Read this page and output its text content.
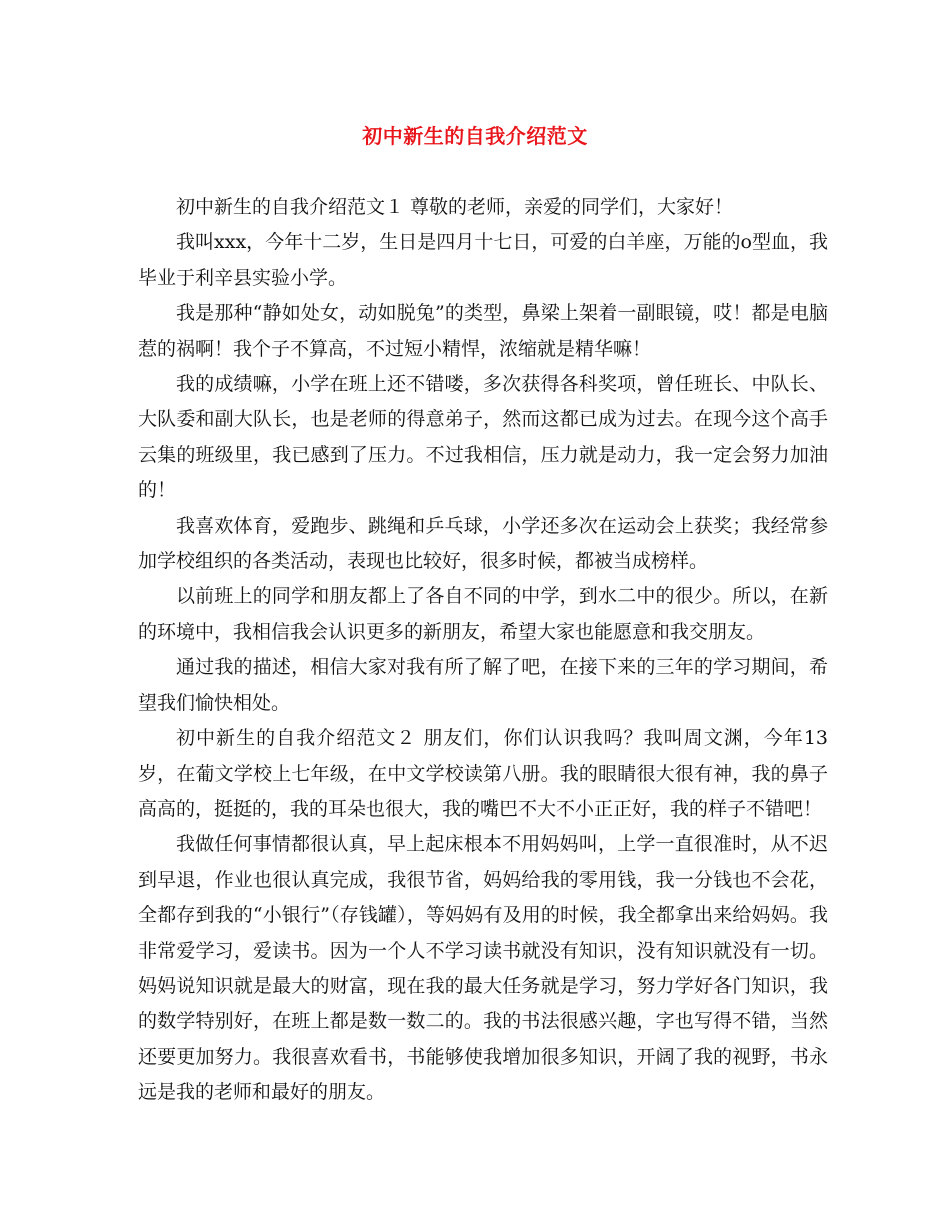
初中新生的自我介绍范文

初中新生的自我介绍范文１ 尊敬的老师，亲爱的同学们，大家好！

我叫xxx，今年十二岁，生日是四月十七日，可爱的白羊座，万能的o型血，我毕业于利辛县实验小学。

我是那种“静如处女，动如脱兔”的类型，鼻梁上架着一副眼镜，哎！都是电脑惹的祸啊！我个子不算高，不过短小精悍，浓缩就是精华嘛！

我的成绩嘛，小学在班上还不错喽，多次获得各科奖项，曾任班长、中队长、大队委和副大队长，也是老师的得意弟子，然而这都已成为过去。在现今这个高手云集的班级里，我已感到了压力。不过我相信，压力就是动力，我一定会努力加油的！

我喜欢体育，爱跑步、跳绳和乒乓球，小学还多次在运动会上获奖；我经常参加学校组织的各类活动，表现也比较好，很多时候，都被当成榜样。

以前班上的同学和朋友都上了各自不同的中学，到水二中的很少。所以，在新的环境中，我相信我会认识更多的新朋友，希望大家也能愿意和我交朋友。

通过我的描述，相信大家对我有所了解了吧，在接下来的三年的学习期间，希望我们愉快相处。

初中新生的自我介绍范文２ 朋友们，你们认识我吗？我叫周文渊，今年13岁，在葡文学校上七年级，在中文学校读第八册。我的眼睛很大很有神，我的鼻子高高的，挺挺的，我的耳朵也很大，我的嘴巴不大不小正正好，我的样子不错吧！

我做任何事情都很认真，早上起床根本不用妈妈叫，上学一直很准时，从不迟到早退，作业也很认真完成，我很节省，妈妈给我的零用钱，我一分钱也不会花，全都存到我的“小银行”（存钱罐），等妈妈有及用的时候，我全都拿出来给妈妈。我非常爱学习，爱读书。因为一个人不学习读书就没有知识，没有知识就没有一切。妈妈说知识就是最大的财富，现在我的最大任务就是学习，努力学好各门知识，我的数学特别好，在班上都是数一数二的。我的书法很感兴趣，字也写得不错，当然还要更加努力。我很喜欢看书，书能够使我增加很多知识，开阔了我的视野，书永远是我的老师和最好的朋友。
